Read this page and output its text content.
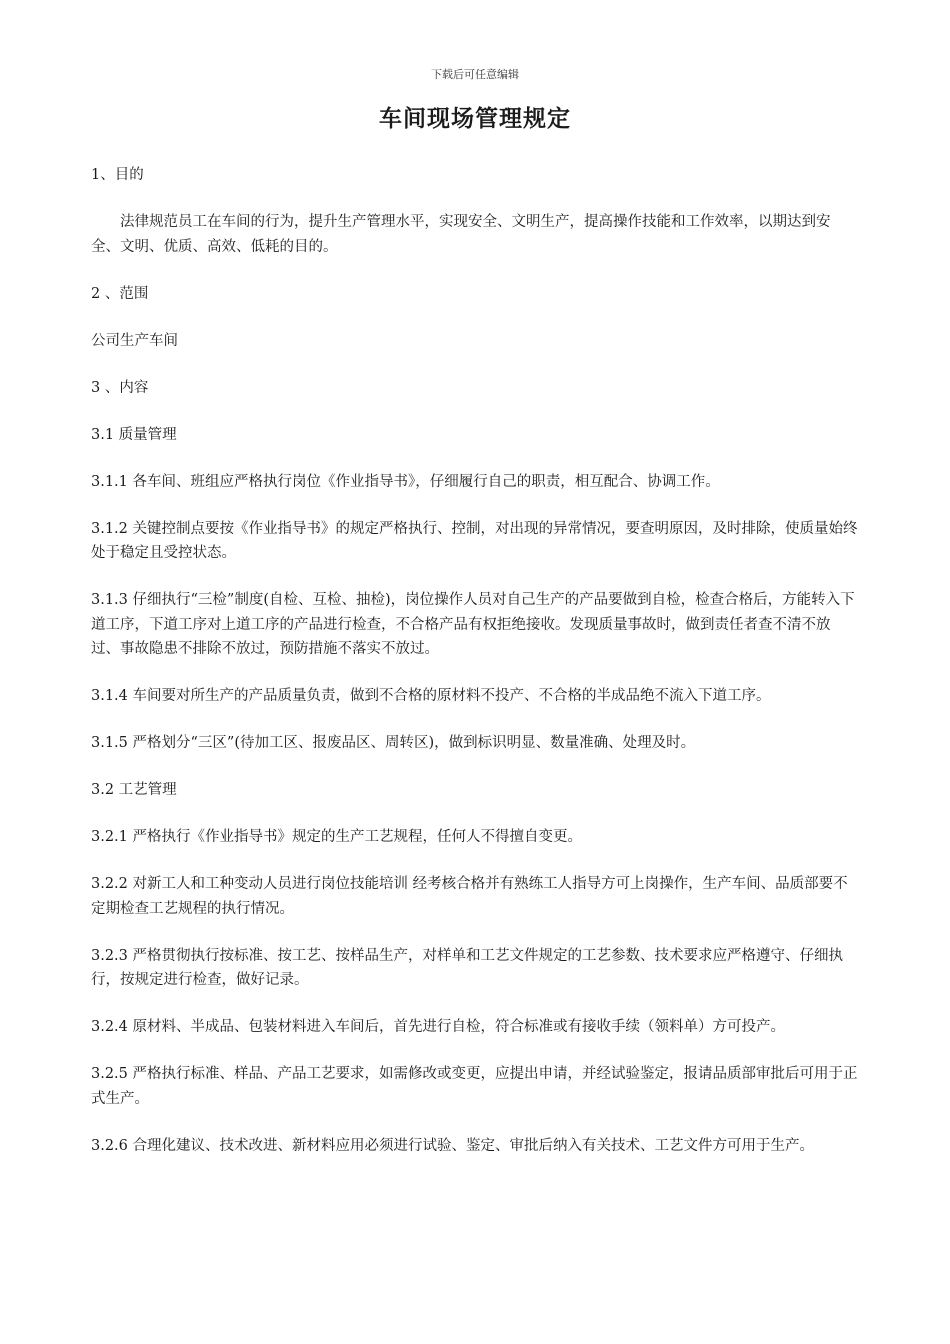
下载后可任意编辑
车间现场管理规定

1、目的

法律规范员工在车间的行为，提升生产管理水平，实现安全、文明生产，提高操作技能和工作效率，以期达到安全、文明、优质、高效、低耗的目的。

2 、范围

公司生产车间

3 、内容

3.1 质量管理

3.1.1 各车间、班组应严格执行岗位《作业指导书》，仔细履行自己的职责，相互配合、协调工作。

3.1.2 关键控制点要按《作业指导书》的规定严格执行、控制，对出现的异常情况，要查明原因，及时排除，使质量始终处于稳定且受控状态。

3.1.3 仔细执行“三检”制度(自检、互检、抽检)，岗位操作人员对自己生产的产品要做到自检，检查合格后，方能转入下道工序，下道工序对上道工序的产品进行检查，不合格产品有权拒绝接收。发现质量事故时，做到责任者查不清不放过、事故隐患不排除不放过，预防措施不落实不放过。

3.1.4 车间要对所生产的产品质量负责，做到不合格的原材料不投产、不合格的半成品绝不流入下道工序。

3.1.5 严格划分“三区”(待加工区、报废品区、周转区)，做到标识明显、数量准确、处理及时。

3.2 工艺管理

3.2.1 严格执行《作业指导书》规定的生产工艺规程，任何人不得擅自变更。

3.2.2 对新工人和工种变动人员进行岗位技能培训 经考核合格并有熟练工人指导方可上岗操作，生产车间、品质部要不定期检查工艺规程的执行情况。

3.2.3 严格贯彻执行按标准、按工艺、按样品生产，对样单和工艺文件规定的工艺参数、技术要求应严格遵守、仔细执行，按规定进行检查，做好记录。

3.2.4 原材料、半成品、包装材料进入车间后，首先进行自检，符合标准或有接收手续（领料单）方可投产。

3.2.5 严格执行标准、样品、产品工艺要求，如需修改或变更，应提出申请，并经试验鉴定，报请品质部审批后可用于正式生产。

3.2.6 合理化建议、技术改进、新材料应用必须进行试验、鉴定、审批后纳入有关技术、工艺文件方可用于生产。
